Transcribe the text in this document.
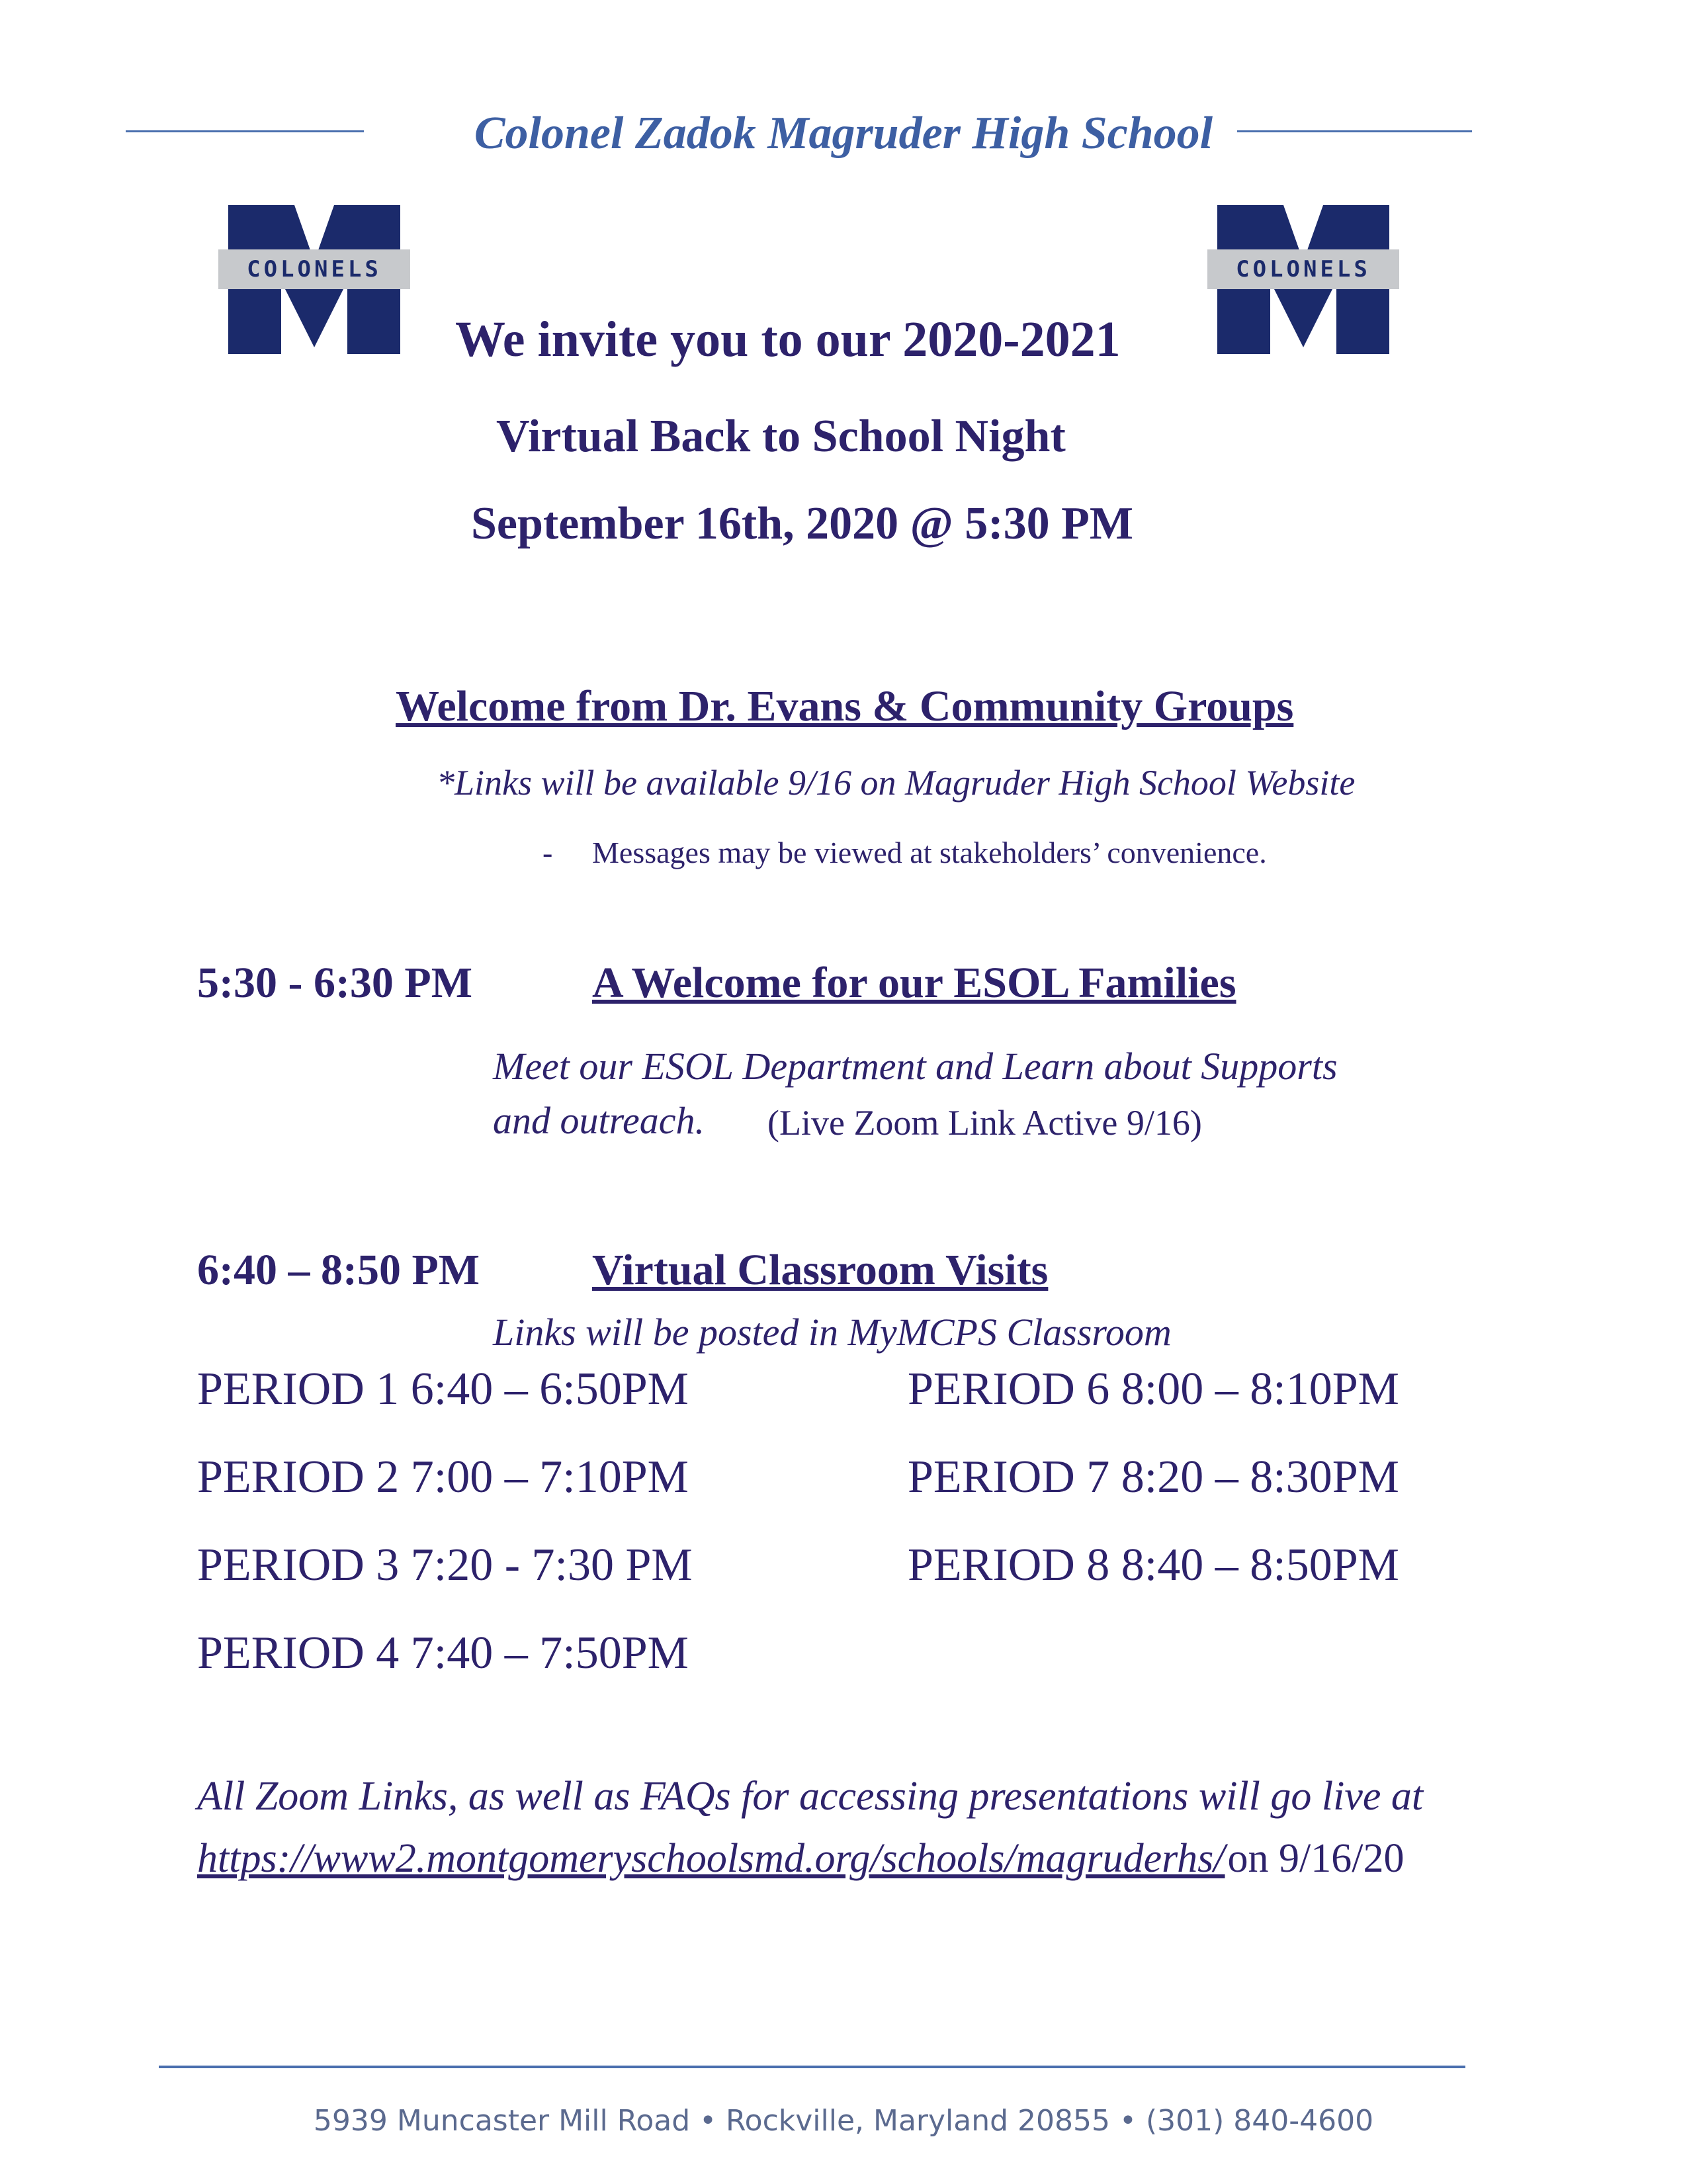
Colonel Zadok Magruder High School
COLONELS	COLONELS
We invite you to our 2020-2021
Virtual Back to School Night
September 16th, 2020 @ 5:30 PM
Welcome from Dr. Evans & Community Groups
*Links will be available 9/16 on Magruder High School Website
- Messages may be viewed at stakeholders’ convenience.
5:30 - 6:30 PM	A Welcome for our ESOL Families
Meet our ESOL Department and Learn about Supports
and outreach. (Live Zoom Link Active 9/16)
6:40 – 8:50 PM	Virtual Classroom Visits
Links will be posted in MyMCPS Classroom
PERIOD 1 6:40 – 6:50PM
PERIOD 2 7:00 – 7:10PM
PERIOD 3 7:20 - 7:30 PM
PERIOD 4 7:40 – 7:50PM
PERIOD 6 8:00 – 8:10PM
PERIOD 7 8:20 – 8:30PM
PERIOD 8 8:40 – 8:50PM
All Zoom Links, as well as FAQs for accessing presentations will go live at
https://www2.montgomeryschoolsmd.org/schools/magruderhs/ on 9/16/20
5939 Muncaster Mill Road • Rockville, Maryland 20855 • (301) 840-4600
